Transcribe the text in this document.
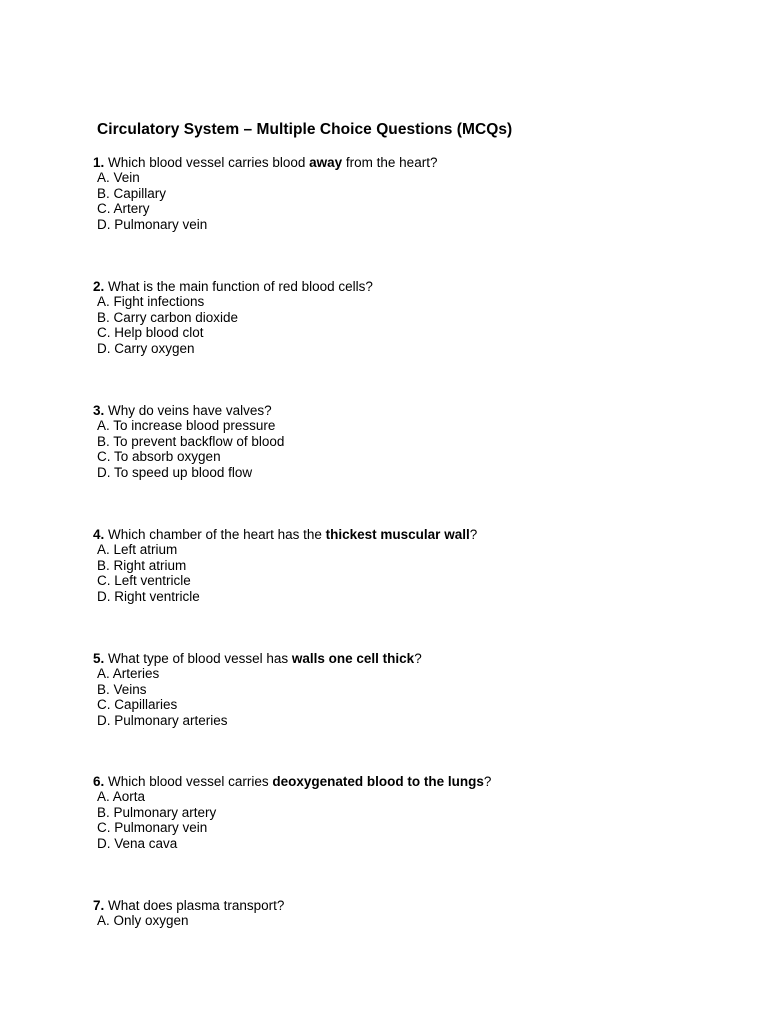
Circulatory System – Multiple Choice Questions (MCQs)
1. Which blood vessel carries blood away from the heart?
A. Vein
B. Capillary
C. Artery
D. Pulmonary vein
2. What is the main function of red blood cells?
A. Fight infections
B. Carry carbon dioxide
C. Help blood clot
D. Carry oxygen
3. Why do veins have valves?
A. To increase blood pressure
B. To prevent backflow of blood
C. To absorb oxygen
D. To speed up blood flow
4. Which chamber of the heart has the thickest muscular wall?
A. Left atrium
B. Right atrium
C. Left ventricle
D. Right ventricle
5. What type of blood vessel has walls one cell thick?
A. Arteries
B. Veins
C. Capillaries
D. Pulmonary arteries
6. Which blood vessel carries deoxygenated blood to the lungs?
A. Aorta
B. Pulmonary artery
C. Pulmonary vein
D. Vena cava
7. What does plasma transport?
A. Only oxygen
